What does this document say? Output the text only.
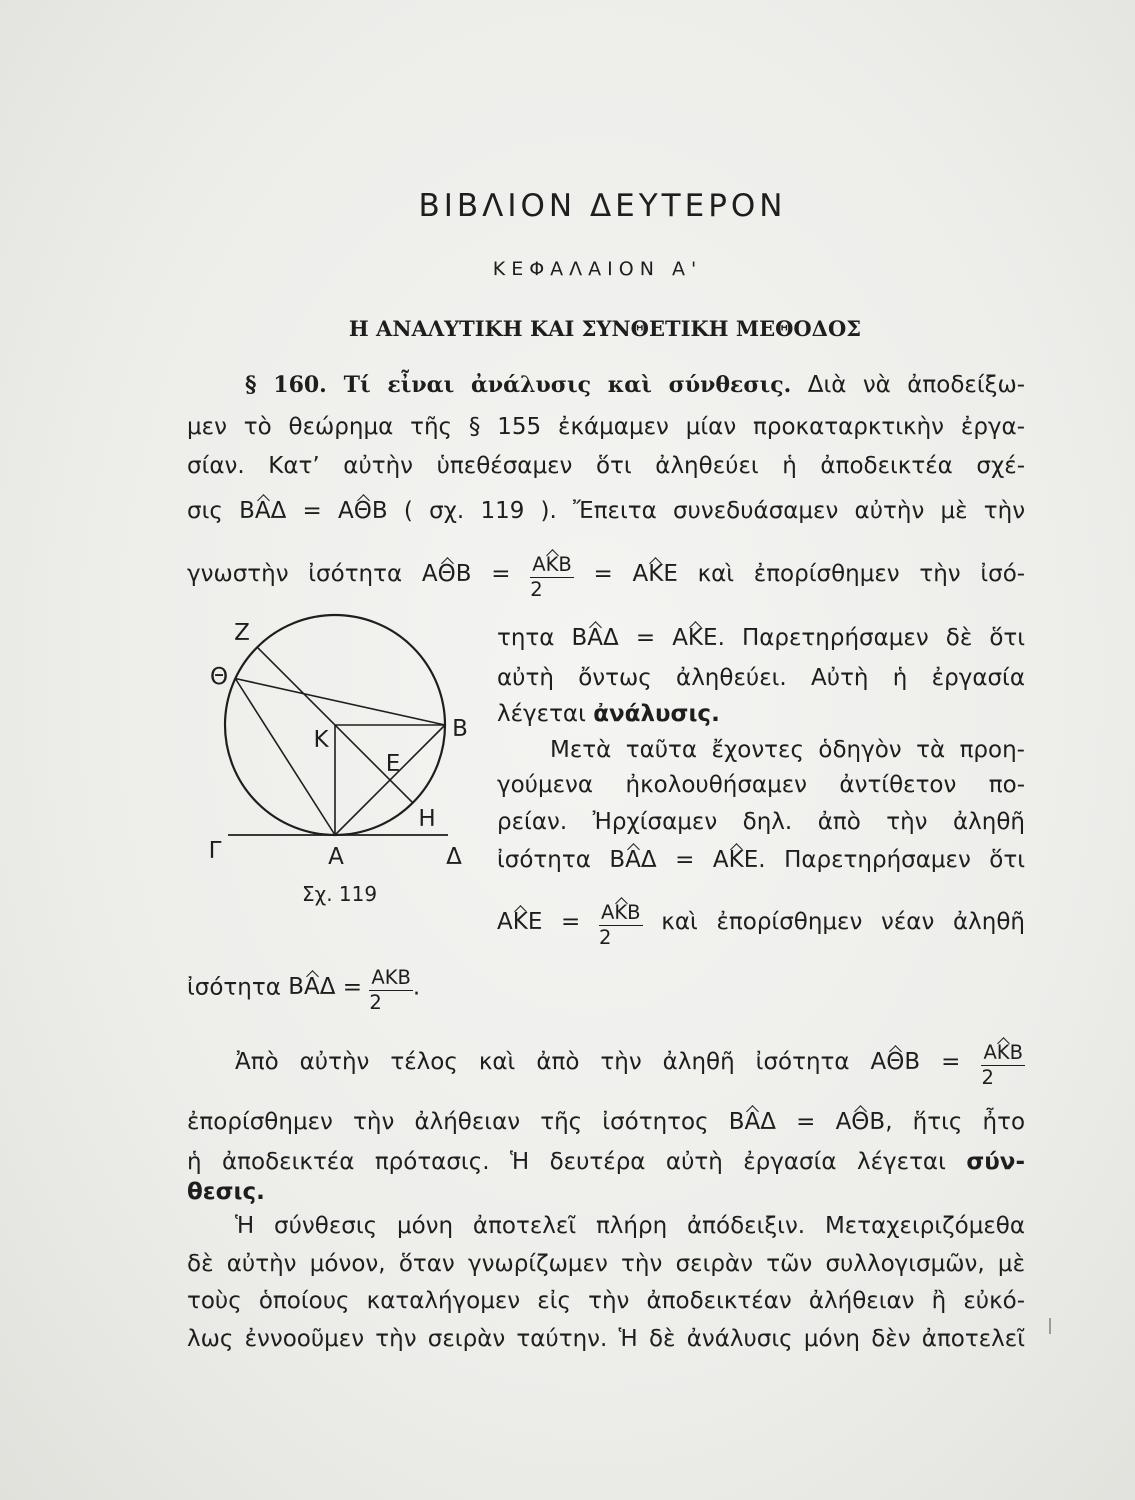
ΒΙΒΛΙΟΝ ΔΕΥΤΕΡΟΝ
ΚΕΦΑΛΑΙΟΝ Α'
Η ΑΝΑΛΥΤΙΚΗ ΚΑΙ ΣΥΝΘΕΤΙΚΗ ΜΕΘΟΔΟΣ
§ 160. Τί εἶναι ἀνάλυσις καὶ σύνθεσις. Διὰ νὰ ἀποδείξω-
μεν τὸ θεώρημα τῆς § 155 ἐκάμαμεν μίαν προκαταρκτικὴν ἐργα-
σίαν. Κατ’ αὐτὴν ὑπεθέσαμεν ὅτι ἀληθεύει ἡ ἀποδεικτέα σχέ-
σις ΒΑΔ = ΑΘΒ ( σχ. 119 ). Ἔπειτα συνεδυάσαμεν αὐτὴν μὲ τὴν
γνωστὴν ἰσότητα $A\Theta B = \frac{\text{ΑΚΒ}}{2} = AKE$ καὶ ἐπορίσθημεν τὴν ἰσό-
τητα ΒΑΔ = ΑΚΕ. Παρετηρήσαμεν δὲ ὅτι
αὐτὴ ὄντως ἀληθεύει. Αὐτὴ ἡ ἐργασία
λέγεται ἀνάλυσις.
Μετὰ ταῦτα ἔχοντες ὁδηγὸν τὰ προη-
γούμενα ἠκολουθήσαμεν ἀντίθετον πο-
ρείαν. Ἠρχίσαμεν δηλ. ἀπὸ τὴν ἀληθῆ
ἰσότητα ΒΑΔ = ΑΚΕ. Παρετηρήσαμεν ὅτι
$AKE = \frac{\text{ΑΚΒ}}{2}$ καὶ ἐπορίσθημεν νέαν ἀληθῆ
ἰσότητα $BA\Delta = \frac{\text{ΑΚΒ}}{2}$ .
Ζ
Θ
Β
Κ
Ε
Η
Γ	Α	Δ
Σχ. 119
Ἀπὸ αὐτὴν τέλος καὶ ἀπὸ τὴν ἀληθῆ ἰσότητα $A\Theta B = \frac{\text{ΑΚΒ}}{2}$
ἐπορίσθημεν τὴν ἀλήθειαν τῆς ἰσότητος ΒΑΔ = ΑΘΒ, ἥτις ἦτο
ἡ ἀποδεικτέα πρότασις. Ἡ δευτέρα αὐτὴ ἐργασία λέγεται σύν-
θεσις.
Ἡ σύνθεσις μόνη ἀποτελεῖ πλήρη ἀπόδειξιν. Μεταχειριζόμεθα
δὲ αὐτὴν μόνον, ὅταν γνωρίζωμεν τὴν σειρὰν τῶν συλλογισμῶν, μὲ
τοὺς ὁποίους καταλήγομεν εἰς τὴν ἀποδεικτέαν ἀλήθειαν ἢ εὐκό-
λως ἐννοοῦμεν τὴν σειρὰν ταύτην. Ἡ δὲ ἀνάλυσις μόνη δὲν ἀποτελεῖ
